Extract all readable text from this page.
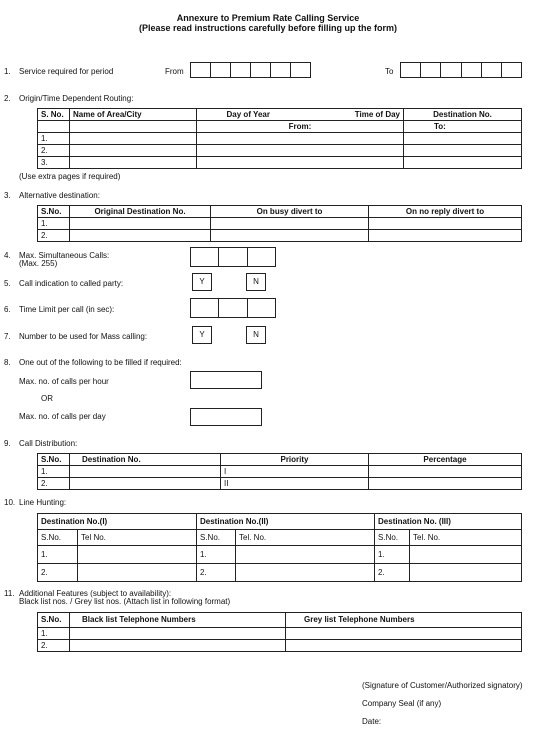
Annexure to Premium Rate Calling Service
(Please read instructions carefully before filling up the form)
1. Service required for period	From	To
2. Origin/Time Dependent Routing:
S. No.	Name of Area/City	Day of Year	Time of Day	Destination No.
		From:		To:
1.				
2.				
3.				
(Use extra pages if required)
3. Alternative destination:
S.No.	Original Destination No.	On busy divert to	On no reply divert to
1.			
2.			
4. Max. Simultaneous Calls:
(Max. 255)
5. Call indication to called party:	Y	N
6. Time Limit per call (in sec):
7. Number to be used for Mass calling:	Y	N
8. One out of the following to be filled if required:
Max. no. of calls per hour
OR
Max. no. of calls per day
9. Call Distribution:
S.No.	Destination No.	Priority	Percentage
1.		I	
2.		II	
10. Line Hunting:
Destination No.(I)		Destination No.(II)		Destination No. (III)	
S.No.	Tel No.	S.No.	Tel. No.	S.No.	Tel. No.
1.		1.		1.	
2.		2.		2.	
11. Additional Features (subject to availability):
Black list nos. / Grey list nos. (Attach list in following format)
S.No.	Black list Telephone Numbers	Grey list Telephone Numbers
1.		
2.		
(Signature of Customer/Authorized signatory)
Company Seal (if any)
Date:
